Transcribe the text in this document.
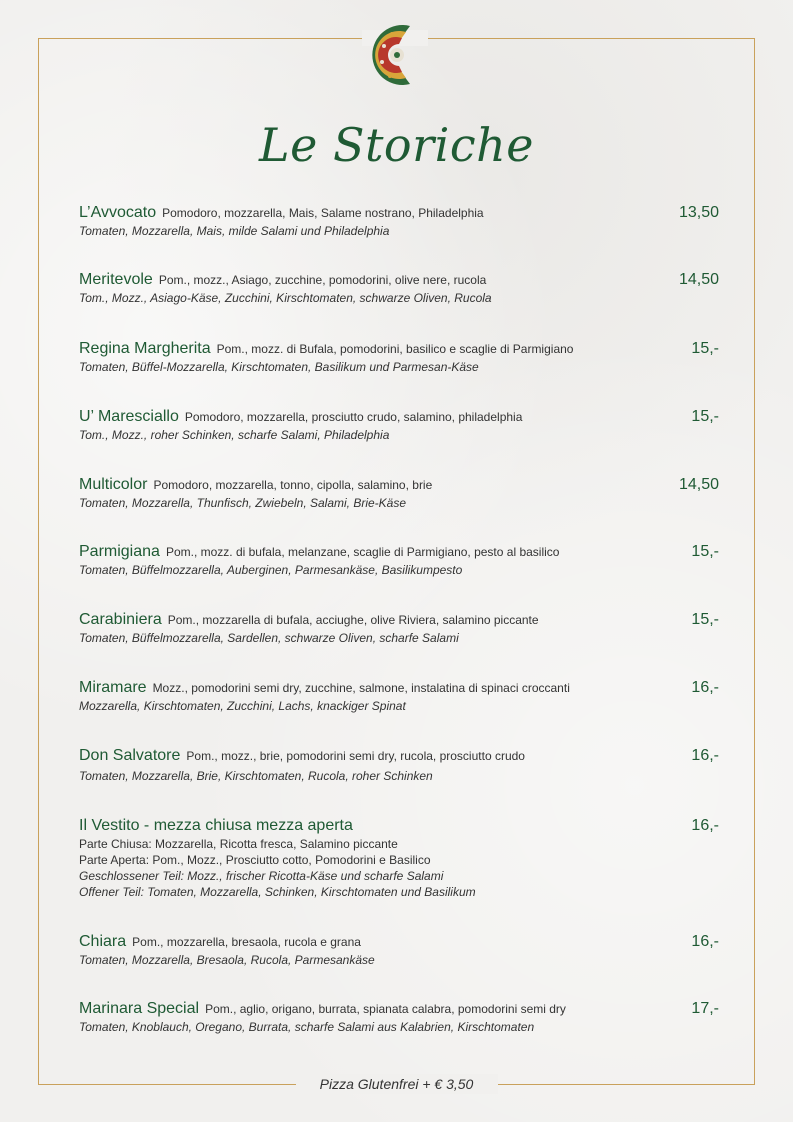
Le Storiche
L’Avvocato Pomodoro, mozzarella, Mais, Salame nostrano, Philadelphia
Tomaten, Mozzarella, Mais, milde Salami und Philadelphia
13,50
Meritevole Pom., mozz., Asiago, zucchine, pomodorini, olive nere, rucola
Tom., Mozz., Asiago-Käse, Zucchini, Kirschtomaten, schwarze Oliven, Rucola
14,50
Regina Margherita Pom., mozz. di Bufala, pomodorini, basilico e scaglie di Parmigiano
Tomaten, Büffel-Mozzarella, Kirschtomaten, Basilikum und Parmesan-Käse
15,-
U’ Maresciallo Pomodoro, mozzarella, prosciutto crudo, salamino, philadelphia
Tom., Mozz., roher Schinken, scharfe Salami, Philadelphia
15,-
Multicolor Pomodoro, mozzarella, tonno, cipolla, salamino, brie
Tomaten, Mozzarella, Thunfisch, Zwiebeln, Salami, Brie-Käse
14,50
Parmigiana Pom., mozz. di bufala, melanzane, scaglie di Parmigiano, pesto al basilico
Tomaten, Büffelmozzarella, Auberginen, Parmesankäse, Basilikumpesto
15,-
Carabiniera Pom., mozzarella di bufala, acciughe, olive Riviera, salamino piccante
Tomaten, Büffelmozzarella, Sardellen, schwarze Oliven, scharfe Salami
15,-
Miramare Mozz., pomodorini semi dry, zucchine, salmone, instalatina di spinaci croccanti
Mozzarella, Kirschtomaten, Zucchini, Lachs, knackiger Spinat
16,-
Don Salvatore Pom., mozz., brie, pomodorini semi dry, rucola, prosciutto crudo
Tomaten, Mozzarella, Brie, Kirschtomaten, Rucola, roher Schinken
16,-
Il Vestito - mezza chiusa mezza aperta
Parte Chiusa: Mozzarella, Ricotta fresca, Salamino piccante
Parte Aperta: Pom., Mozz., Prosciutto cotto, Pomodorini e Basilico
Geschlossener Teil: Mozz., frischer Ricotta-Käse und scharfe Salami
Offener Teil: Tomaten, Mozzarella, Schinken, Kirschtomaten und Basilikum
16,-
Chiara Pom., mozzarella, bresaola, rucola e grana
Tomaten, Mozzarella, Bresaola, Rucola, Parmesankäse
16,-
Marinara Special Pom., aglio, origano, burrata, spianata calabra, pomodorini semi dry
Tomaten, Knoblauch, Oregano, Burrata, scharfe Salami aus Kalabrien, Kirschtomaten
17,-
Pizza Glutenfrei + € 3,50
